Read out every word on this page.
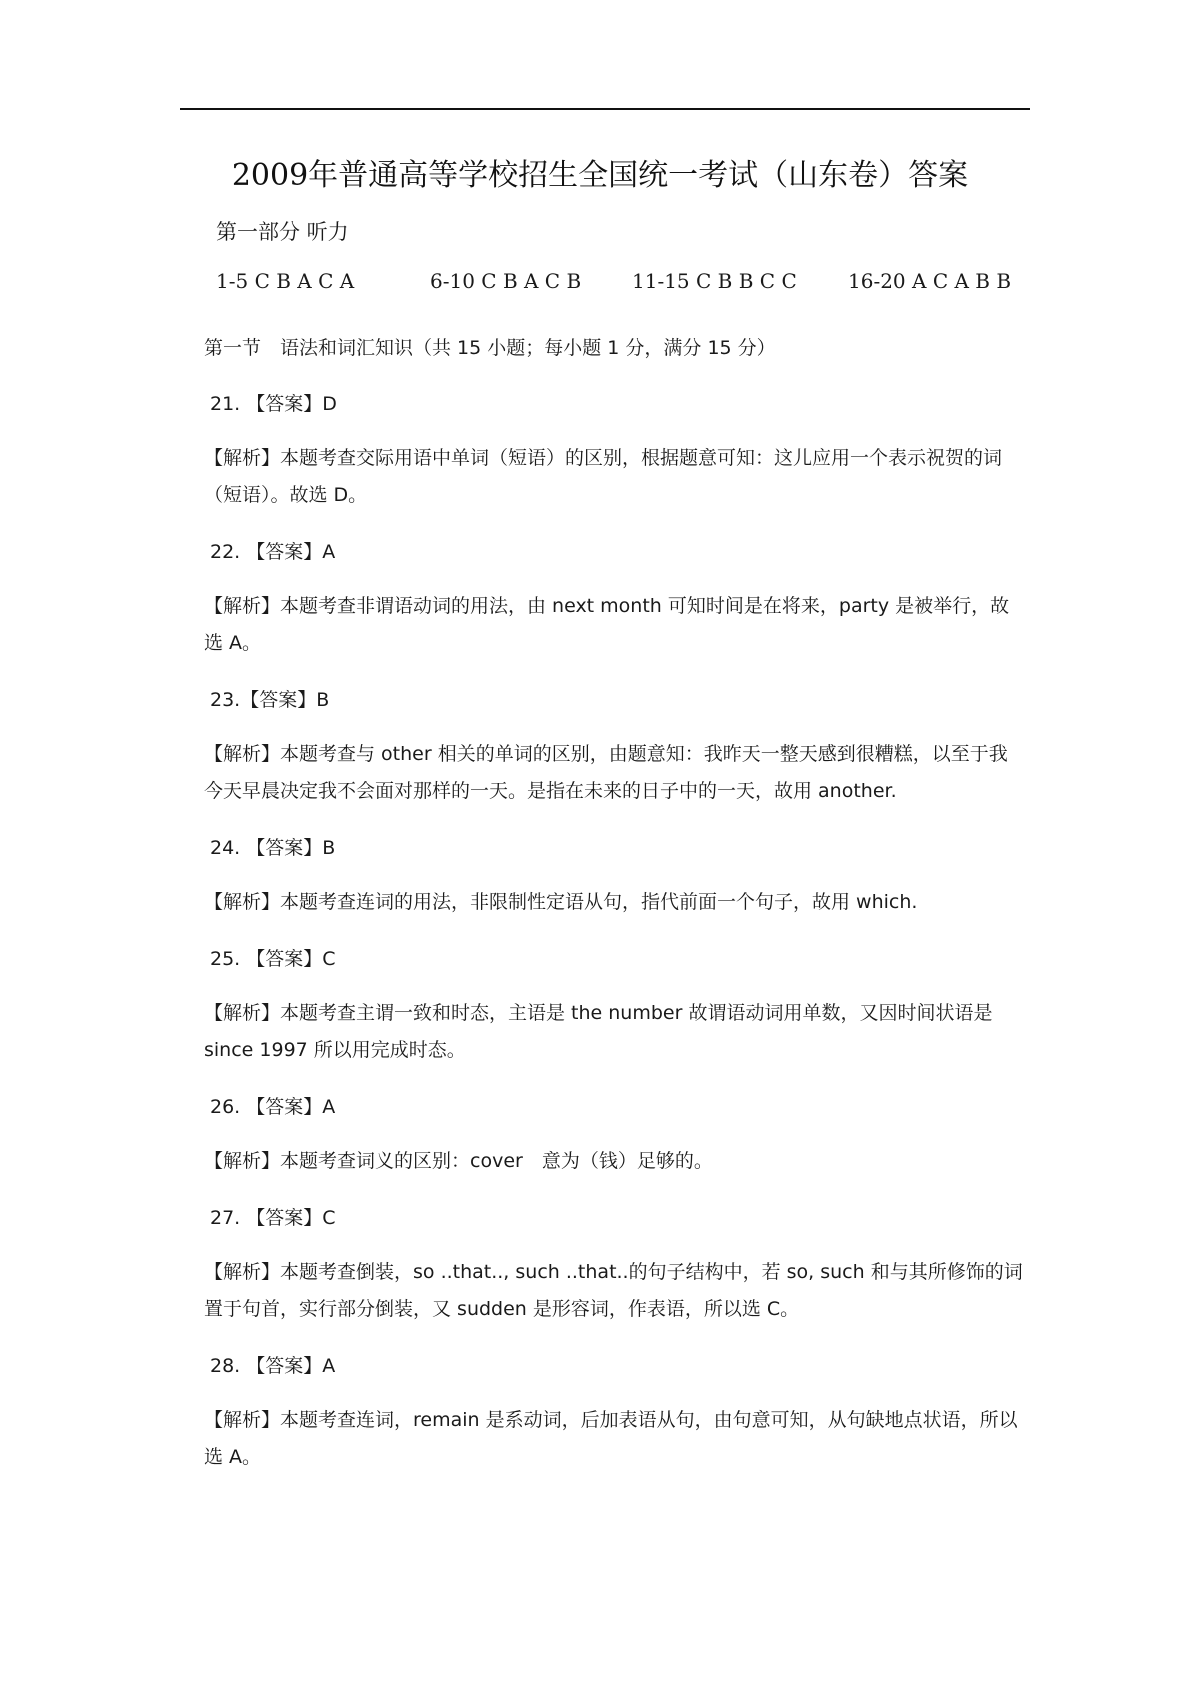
2009年普通高等学校招生全国统一考试（山东卷）答案
第一部分 听力
1-5 C B A C A	6-10 C B A C B	11-15 C B B C C	16-20 A C A B B

第一节　语法和词汇知识（共 15 小题；每小题 1 分，满分 15 分）

21. 【答案】D

【解析】本题考查交际用语中单词（短语）的区别，根据题意可知：这儿应用一个表示祝贺的词（短语）。故选 D。

22. 【答案】A

【解析】本题考查非谓语动词的用法，由 next month 可知时间是在将来，party 是被举行，故选 A。

23.【答案】B

【解析】本题考查与 other 相关的单词的区别，由题意知：我昨天一整天感到很糟糕，以至于我今天早晨决定我不会面对那样的一天。是指在未来的日子中的一天，故用 another.

24. 【答案】B

【解析】本题考查连词的用法，非限制性定语从句，指代前面一个句子，故用 which.

25. 【答案】C

【解析】本题考查主谓一致和时态，主语是 the number 故谓语动词用单数，又因时间状语是 since 1997 所以用完成时态。

26. 【答案】A

【解析】本题考查词义的区别：cover　意为（钱）足够的。

27. 【答案】C

【解析】本题考查倒装，so ..that.., such ..that..的句子结构中，若 so, such 和与其所修饰的词置于句首，实行部分倒装，又 sudden 是形容词，作表语，所以选 C。

28. 【答案】A

【解析】本题考查连词，remain 是系动词，后加表语从句，由句意可知，从句缺地点状语，所以选 A。
